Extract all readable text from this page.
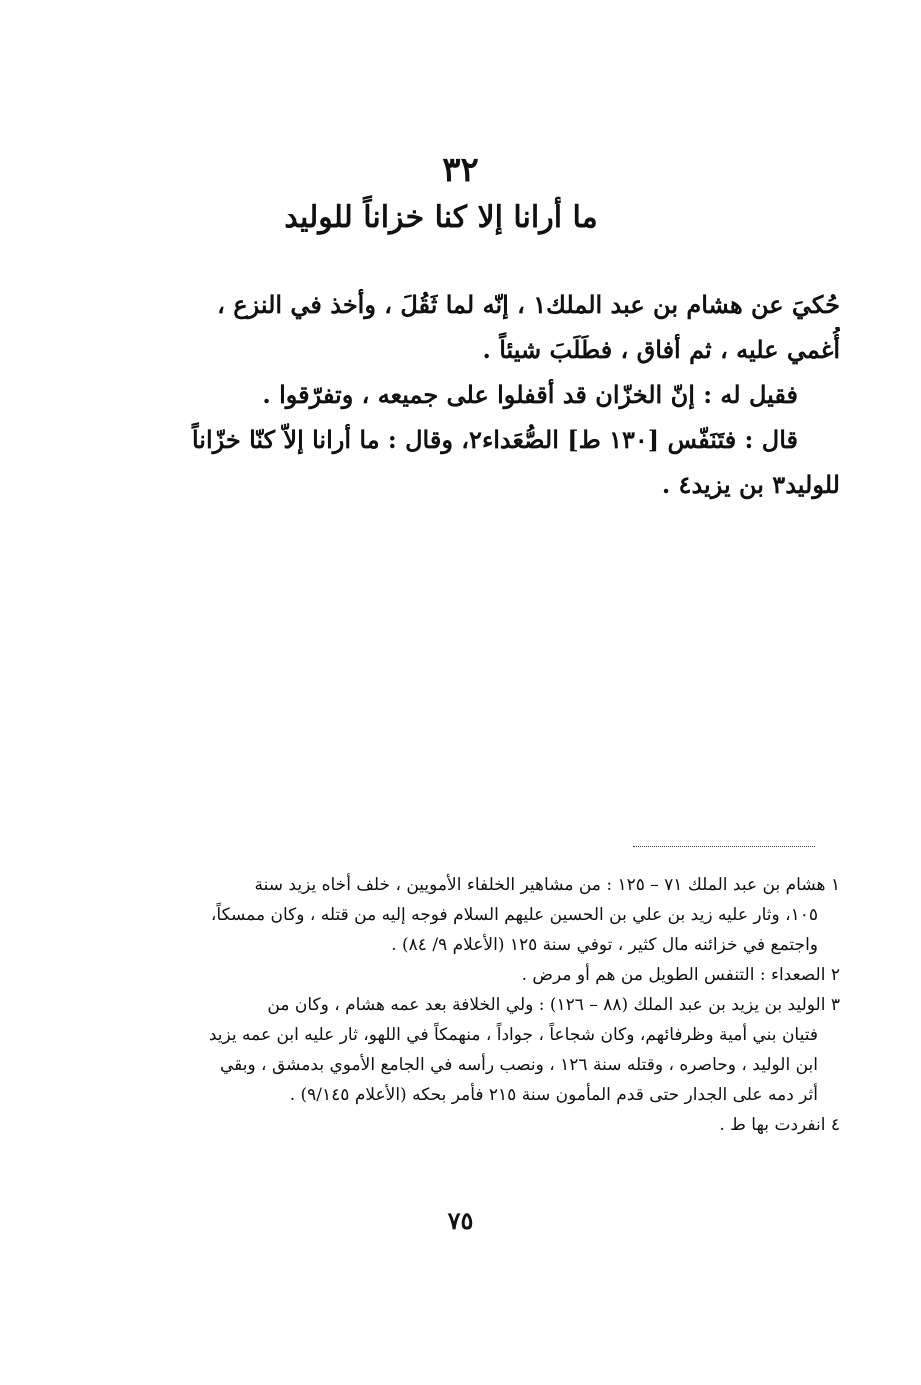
٣٢
ما أرانا إلا كنا خزاناً للوليد
حُكيَ عن هشام بن عبد الملك١ ، إنّه لما ثَقُلَ ، وأخذ في النزع ،
أُغمي عليه ، ثم أفاق ، فطَلَبَ شيئاً .
فقيل له : إنّ الخزّان قد أقفلوا على جميعه ، وتفرّقوا .
قال : فتَنَفّس [١٣٠ ط] الصُّعَداء٢، وقال : ما أرانا إلاّ كنّا خزّاناً
للوليد٣ بن يزيد٤ .
١ هشام بن عبد الملك ٧١ – ١٢٥ : من مشاهير الخلفاء الأمويين ، خلف أخاه يزيد سنة
١٠٥، وثار عليه زيد بن علي بن الحسين عليهم السلام فوجه إليه من قتله ، وكان ممسكاً،
واجتمع في خزائنه مال كثير ، توفي سنة ١٢٥ (الأعلام ٩/ ٨٤) .
٢ الصعداء : التنفس الطويل من هم أو مرض .
٣ الوليد بن يزيد بن عبد الملك (٨٨ – ١٢٦) : ولي الخلافة بعد عمه هشام ، وكان من
فتيان بني أمية وظرفائهم، وكان شجاعاً ، جواداً ، منهمكاً في اللهو، ثار عليه ابن عمه يزيد
ابن الوليد ، وحاصره ، وقتله سنة ١٢٦ ، ونصب رأسه في الجامع الأموي بدمشق ، وبقي
أثر دمه على الجدار حتى قدم المأمون سنة ٢١٥ فأمر بحكه (الأعلام ٩/١٤٥) .
٤ انفردت بها ط .
٧٥
